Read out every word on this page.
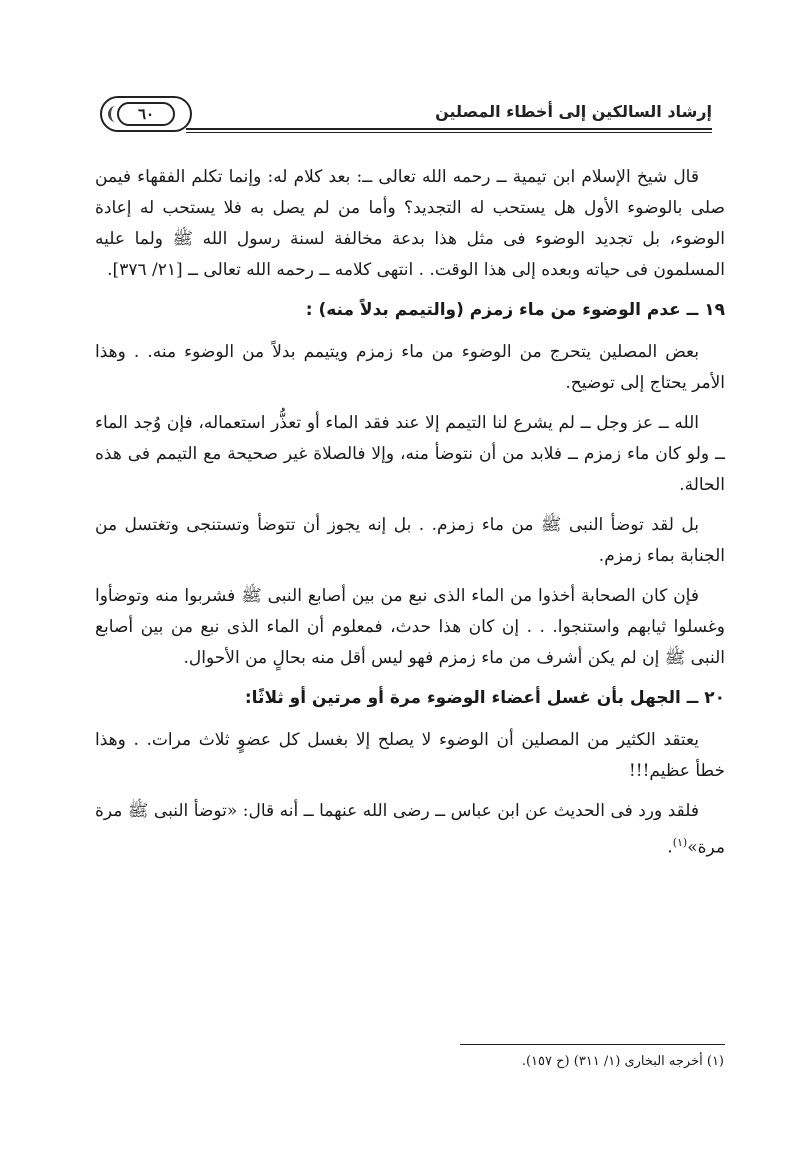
٦٠	إرشاد السالكين إلى أخطاء المصلين

قال شيخ الإسلام ابن تيمية ــ رحمه الله تعالى ــ: بعد كلام له: وإنما تكلم الفقهاء فيمن صلى بالوضوء الأول هل يستحب له التجديد؟ وأما من لم يصل به فلا يستحب له إعادة الوضوء، بل تجديد الوضوء فى مثل هذا بدعة مخالفة لسنة رسول الله ﷺ ولما عليه المسلمون فى حياته وبعده إلى هذا الوقت. . انتهى كلامه ــ رحمه الله تعالى ــ [٢١/ ٣٧٦].

١٩ ــ عدم الوضوء من ماء زمزم (والتيمم بدلاً منه) :

بعض المصلين يتحرج من الوضوء من ماء زمزم ويتيمم بدلاً من الوضوء منه. . وهذا الأمر يحتاج إلى توضيح.

الله ــ عز وجل ــ لم يشرع لنا التيمم إلا عند فقد الماء أو تعذُّر استعماله، فإن وُجد الماء ــ ولو كان ماء زمزم ــ فلابد من أن نتوضأ منه، وإلا فالصلاة غير صحيحة مع التيمم فى هذه الحالة.

بل لقد توضأ النبى ﷺ من ماء زمزم. . بل إنه يجوز أن تتوضأ وتستنجى وتغتسل من الجنابة بماء زمزم.

فإن كان الصحابة أخذوا من الماء الذى نبع من بين أصابع النبى ﷺ فشربوا منه وتوضأوا وغسلوا ثيابهم واستنجوا. . . إن كان هذا حدث، فمعلوم أن الماء الذى نبع من بين أصابع النبى ﷺ إن لم يكن أشرف من ماء زمزم فهو ليس أقل منه بحالٍ من الأحوال.

٢٠ ــ الجهل بأن غسل أعضاء الوضوء مرة أو مرتين أو ثلاثًا:

يعتقد الكثير من المصلين أن الوضوء لا يصلح إلا بغسل كل عضوٍ ثلاث مرات. . وهذا خطأ عظيم!!!

فلقد ورد فى الحديث عن ابن عباس ــ رضى الله عنهما ــ أنه قال: «توضأ النبى ﷺ مرة مرة»$^{(١)}$.

(١) أخرجه البخارى (١/ ٣١١) (ح ١٥٧).
